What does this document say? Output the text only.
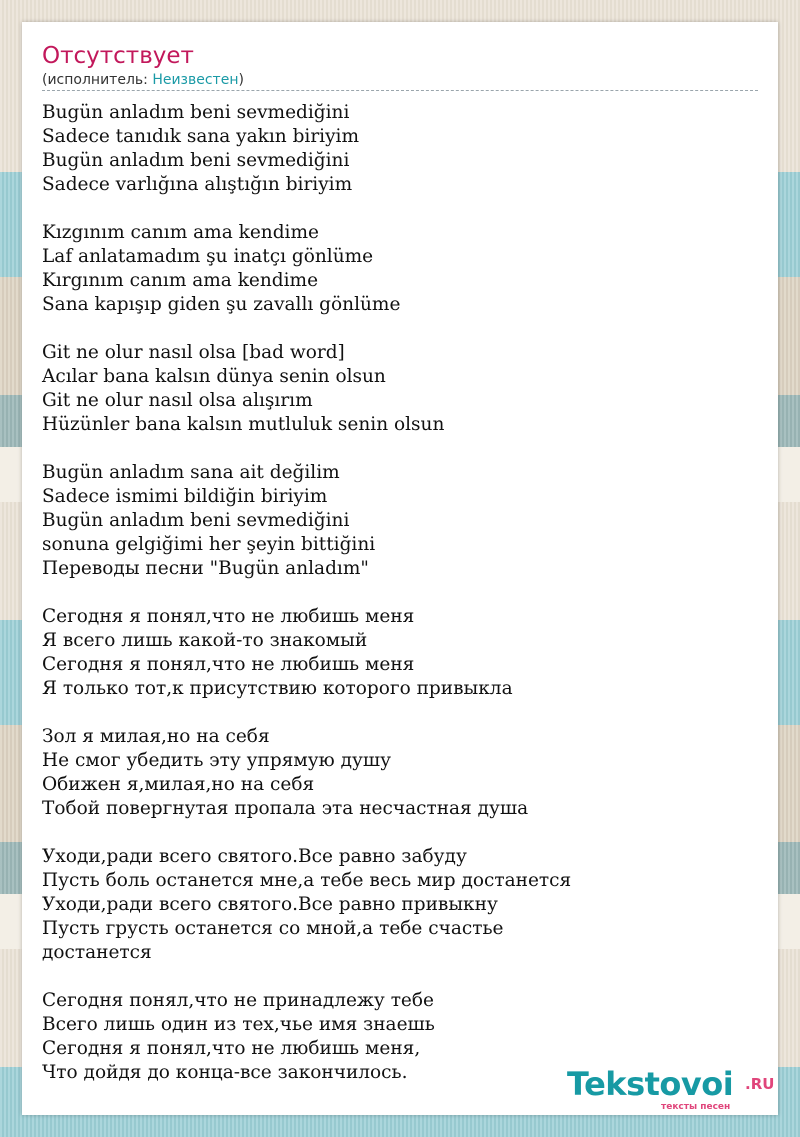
Отсутствует
(исполнитель: Неизвестен)
Bugün anladım beni sevmediğini
Sadece tanıdık sana yakın biriyim
Bugün anladım beni sevmediğini
Sadece varlığına alıştığın biriyim
Kızgınım canım ama kendime
Laf anlatamadım şu inatçı gönlüme
Kırgınım canım ama kendime
Sana kapışıp giden şu zavallı gönlüme
Git ne olur nasıl olsa [bad word]
Acılar bana kalsın dünya senin olsun
Git ne olur nasıl olsa alışırım
Hüzünler bana kalsın mutluluk senin olsun
Bugün anladım sana ait değilim
Sadece ismimi bildiğin biriyim
Bugün anladım beni sevmediğini
sonuna gelgiğimi her şeyin bittiğini
Переводы песни "Bugün anladım"
Сегодня я понял,что не любишь меня
Я всего лишь какой-то знакомый
Сегодня я понял,что не любишь меня
Я только тот,к присутствию которого привыкла
Зол я милая,но на себя
Не смог убедить эту упрямую душу
Обижен я,милая,но на себя
Тобой повергнутая пропала эта несчастная душа
Уходи,ради всего святого.Все равно забуду
Пусть боль останется мне,а тебе весь мир достанется
Уходи,ради всего святого.Все равно привыкну
Пусть грусть останется со мной,а тебе счастье
достанется
Сегодня понял,что не принадлежу тебе
Всего лишь один из тех,чье имя знаешь
Сегодня я понял,что не любишь меня,
Что дойдя до конца-все закончилось.	Tekstovoi .RU
тексты песен
